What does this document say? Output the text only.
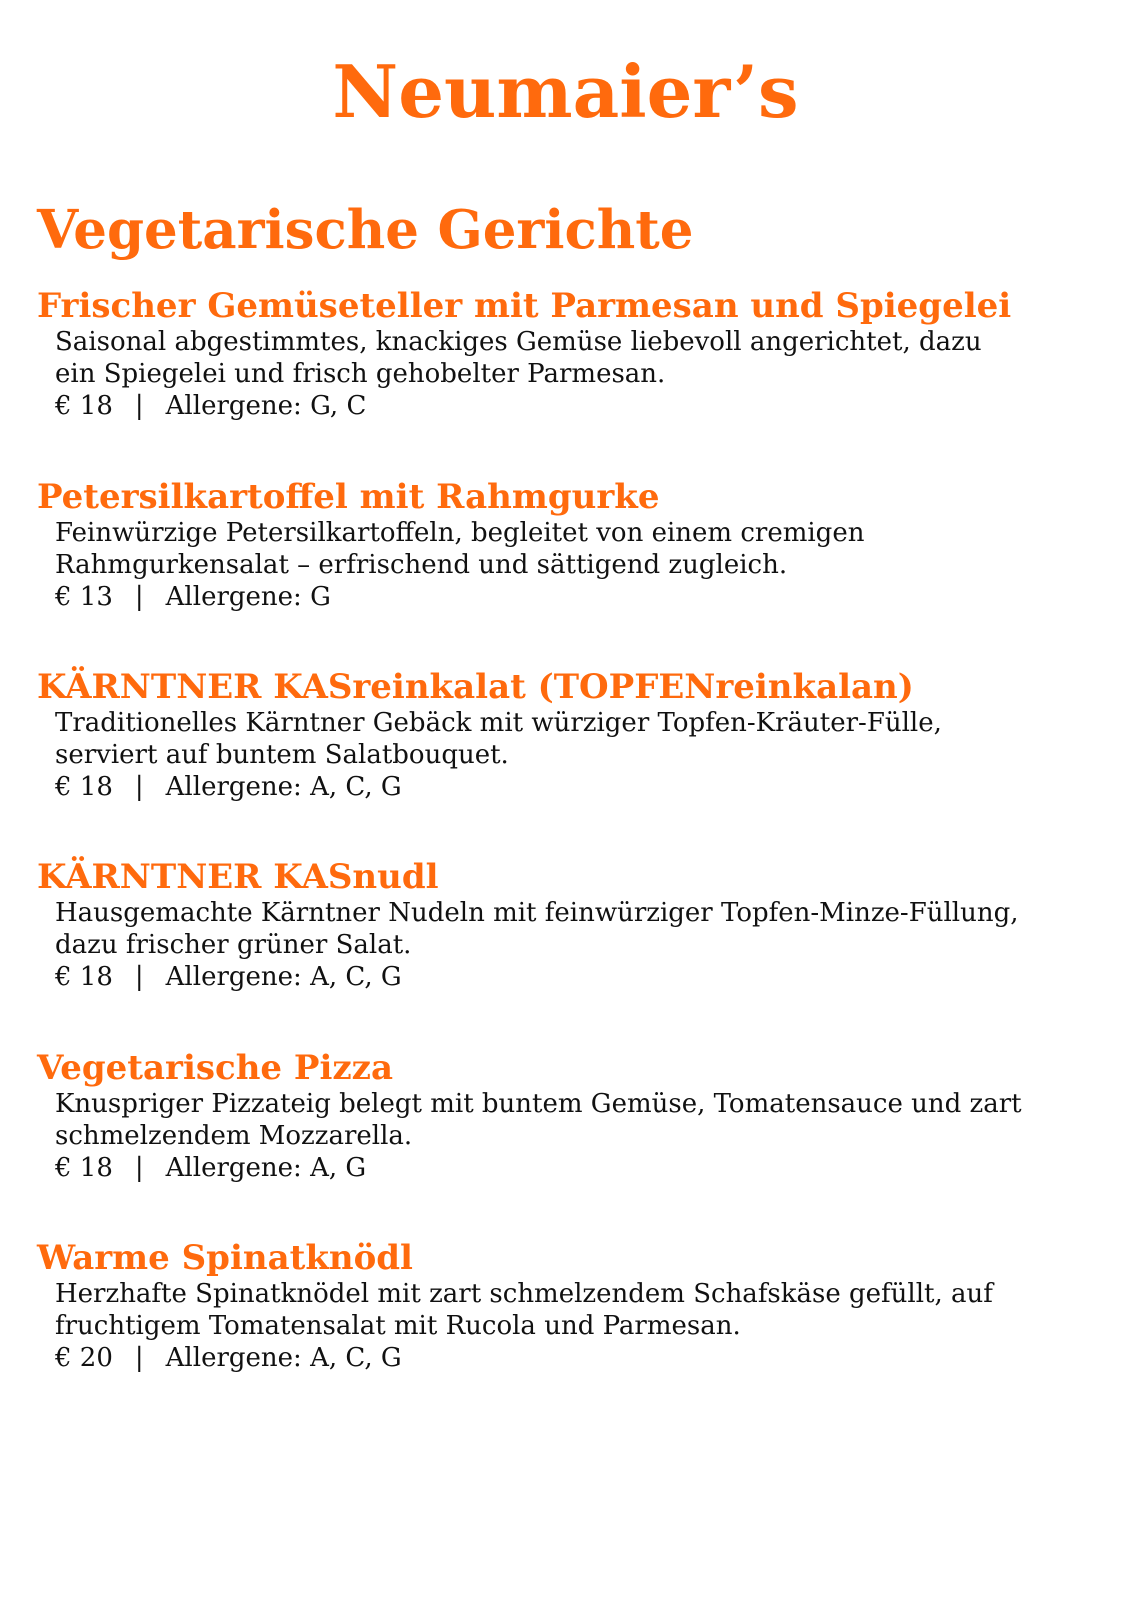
Neumaier’s
Vegetarische Gerichte
Frischer Gemüseteller mit Parmesan und Spiegelei
Saisonal abgestimmtes, knackiges Gemüse liebevoll angerichtet, dazu
ein Spiegelei und frisch gehobelter Parmesan.
€ 18 | Allergene: G, C
Petersilkartoffel mit Rahmgurke
Feinwürzige Petersilkartoffeln, begleitet von einem cremigen
Rahmgurkensalat – erfrischend und sättigend zugleich.
€ 13 | Allergene: G
KÄRNTNER KASreinkalat (TOPFENreinkalan)
Traditionelles Kärntner Gebäck mit würziger Topfen-Kräuter-Fülle,
serviert auf buntem Salatbouquet.
€ 18 | Allergene: A, C, G
KÄRNTNER KASnudl
Hausgemachte Kärntner Nudeln mit feinwürziger Topfen-Minze-Füllung,
dazu frischer grüner Salat.
€ 18 | Allergene: A, C, G
Vegetarische Pizza
Knuspriger Pizzateig belegt mit buntem Gemüse, Tomatensauce und zart
schmelzendem Mozzarella.
€ 18 | Allergene: A, G
Warme Spinatknödl
Herzhafte Spinatknödel mit zart schmelzendem Schafskäse gefüllt, auf
fruchtigem Tomatensalat mit Rucola und Parmesan.
€ 20 | Allergene: A, C, G
